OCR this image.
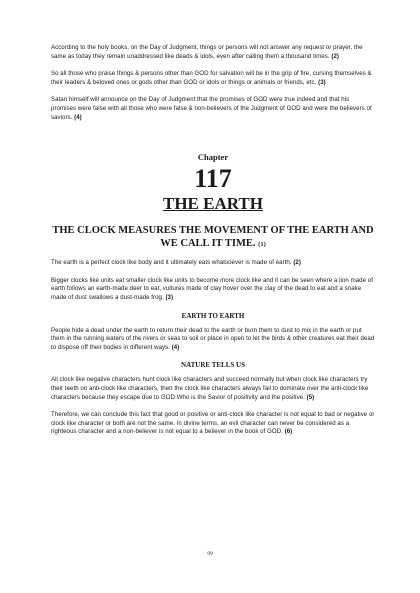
According to the holy books, on the Day of Judgment, things or persons will not answer any request or prayer, the same as today they remain unaddressed like deads & idols, even after calling them a thousand times. (2)

So all those who praise things & persons other than GOD for salvation will be in the grip of fire, cursing themselves & their leaders & beloved ones or gods other than GOD or idols or things or animals or friends, etc. (3)

Satan himself will announce on the Day of Judgment that the promises of GOD were true indeed and that his promises were false with all those who were false & non-believers of the Judgment of GOD and were the believers of saviors. (4)

Chapter
117
THE EARTH
THE CLOCK MEASURES THE MOVEMENT OF THE EARTH AND WE CALL IT TIME. (1)

The earth is a perfect clock like body and it ultimately eats whatsoever is made of earth. (2)

Bigger clocks like units eat smaller clock like units to become more clock like and it can be seen where a lion made of earth follows an earth-made deer to eat, vultures made of clay hover over the clay of the dead to eat and a snake made of dust swallows a dust-made frog. (3)

EARTH TO EARTH

People hide a dead under the earth to return their dead to the earth or burn them to dust to mix in the earth or put them in the running waters of the rivers or seas to soil or place in open to let the birds & other creatures eat their dead to dispose off their bodies in different ways. (4)

NATURE TELLS US

All clock like negative characters hunt clock like characters and succeed normally but when clock like characters try their teeth on anti-clock like characters, then the clock like characters always fail to dominate over the anti-clock like characters because they escape due to GOD Who is the Savior of positivity and the positive. (5)

Therefore, we can conclude this fact that good or positive or anti-clock like character is not equal to bad or negative or clock like character or both are not the same. In divine terms, an evil character can never be considered as a righteous character and a non-believer is not equal to a believer in the book of GOD. (6)

99
